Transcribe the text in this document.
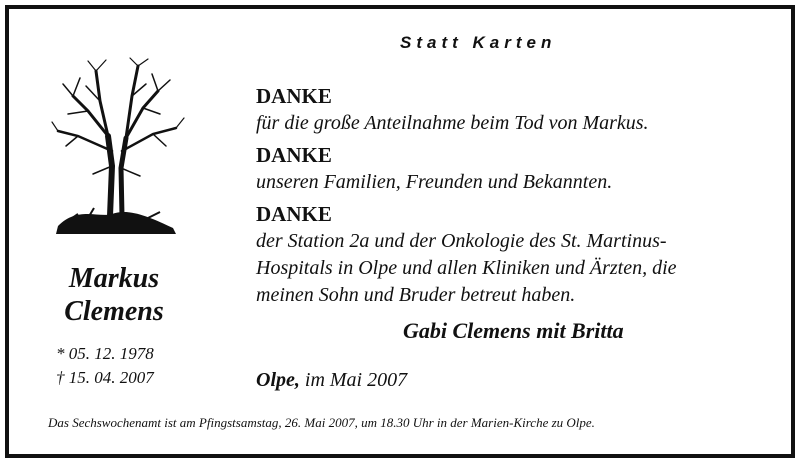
Statt Karten
Markus
Clemens
* 05. 12. 1978
† 15. 04. 2007
DANKE
für die große Anteilnahme beim Tod von Markus.
DANKE
unseren Familien, Freunden und Bekannten.
DANKE
der Station 2a und der Onkologie des St. Martinus-
Hospitals in Olpe und allen Kliniken und Ärzten, die
meinen Sohn und Bruder betreut haben.
Gabi Clemens mit Britta
Olpe, im Mai 2007
Das Sechswochenamt ist am Pfingstsamstag, 26. Mai 2007, um 18.30 Uhr in der Marien-Kirche zu Olpe.
